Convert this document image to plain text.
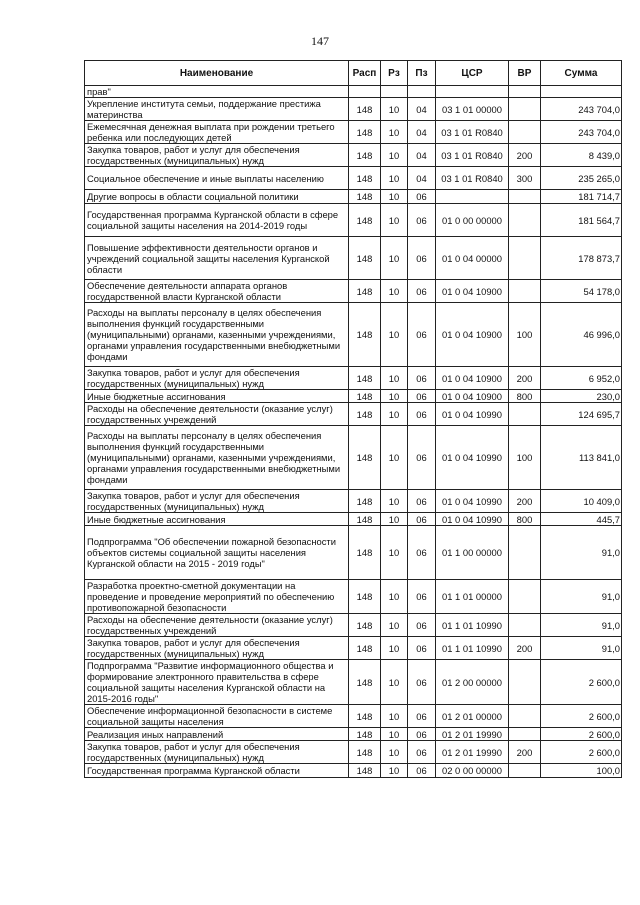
147
Наименование	Расп	Рз	Пз	ЦСР	ВР	Сумма
прав"						
Укрепление института семьи, поддержание престижа материнства	148	10	04	03 1 01 00000		243 704,0
Ежемесячная денежная выплата при рождении третьего ребенка или последующих детей	148	10	04	03 1 01 R0840		243 704,0
Закупка товаров, работ и услуг для обеспечения государственных (муниципальных) нужд	148	10	04	03 1 01 R0840	200	8 439,0
Социальное обеспечение и иные выплаты населению	148	10	04	03 1 01 R0840	300	235 265,0
Другие вопросы в области социальной политики	148	10	06			181 714,7
Государственная программа Курганской области в сфере социальной защиты населения на 2014-2019 годы	148	10	06	01 0 00 00000		181 564,7
Повышение эффективности деятельности органов и учреждений социальной защиты населения Курганской области	148	10	06	01 0 04 00000		178 873,7
Обеспечение деятельности аппарата органов государственной власти Курганской области	148	10	06	01 0 04 10900		54 178,0
Расходы на выплаты персоналу в целях обеспечения выполнения функций государственными (муниципальными) органами, казенными учреждениями, органами управления государственными внебюджетными фондами	148	10	06	01 0 04 10900	100	46 996,0
Закупка товаров, работ и услуг для обеспечения государственных (муниципальных) нужд	148	10	06	01 0 04 10900	200	6 952,0
Иные бюджетные ассигнования	148	10	06	01 0 04 10900	800	230,0
Расходы на обеспечение деятельности (оказание услуг) государственных учреждений	148	10	06	01 0 04 10990		124 695,7
Расходы на выплаты персоналу в целях обеспечения выполнения функций государственными (муниципальными) органами, казенными учреждениями, органами управления государственными внебюджетными фондами	148	10	06	01 0 04 10990	100	113 841,0
Закупка товаров, работ и услуг для обеспечения государственных (муниципальных) нужд	148	10	06	01 0 04 10990	200	10 409,0
Иные бюджетные ассигнования	148	10	06	01 0 04 10990	800	445,7
Подпрограмма "Об обеспечении пожарной безопасности объектов системы социальной защиты населения Курганской области на 2015 - 2019 годы"	148	10	06	01 1 00 00000		91,0
Разработка проектно-сметной документации на проведение и проведение мероприятий по обеспечению противопожарной безопасности	148	10	06	01 1 01 00000		91,0
Расходы на обеспечение деятельности (оказание услуг) государственных учреждений	148	10	06	01 1 01 10990		91,0
Закупка товаров, работ и услуг для обеспечения государственных (муниципальных) нужд	148	10	06	01 1 01 10990	200	91,0
Подпрограмма "Развитие информационного общества и формирование электронного правительства в сфере социальной защиты населения Курганской области на 2015-2016 годы"	148	10	06	01 2 00 00000		2 600,0
Обеспечение информационной безопасности в системе социальной защиты населения	148	10	06	01 2 01 00000		2 600,0
Реализация иных направлений	148	10	06	01 2 01 19990		2 600,0
Закупка товаров, работ и услуг для обеспечения государственных (муниципальных) нужд	148	10	06	01 2 01 19990	200	2 600,0
Государственная программа Курганской области	148	10	06	02 0 00 00000		100,0
